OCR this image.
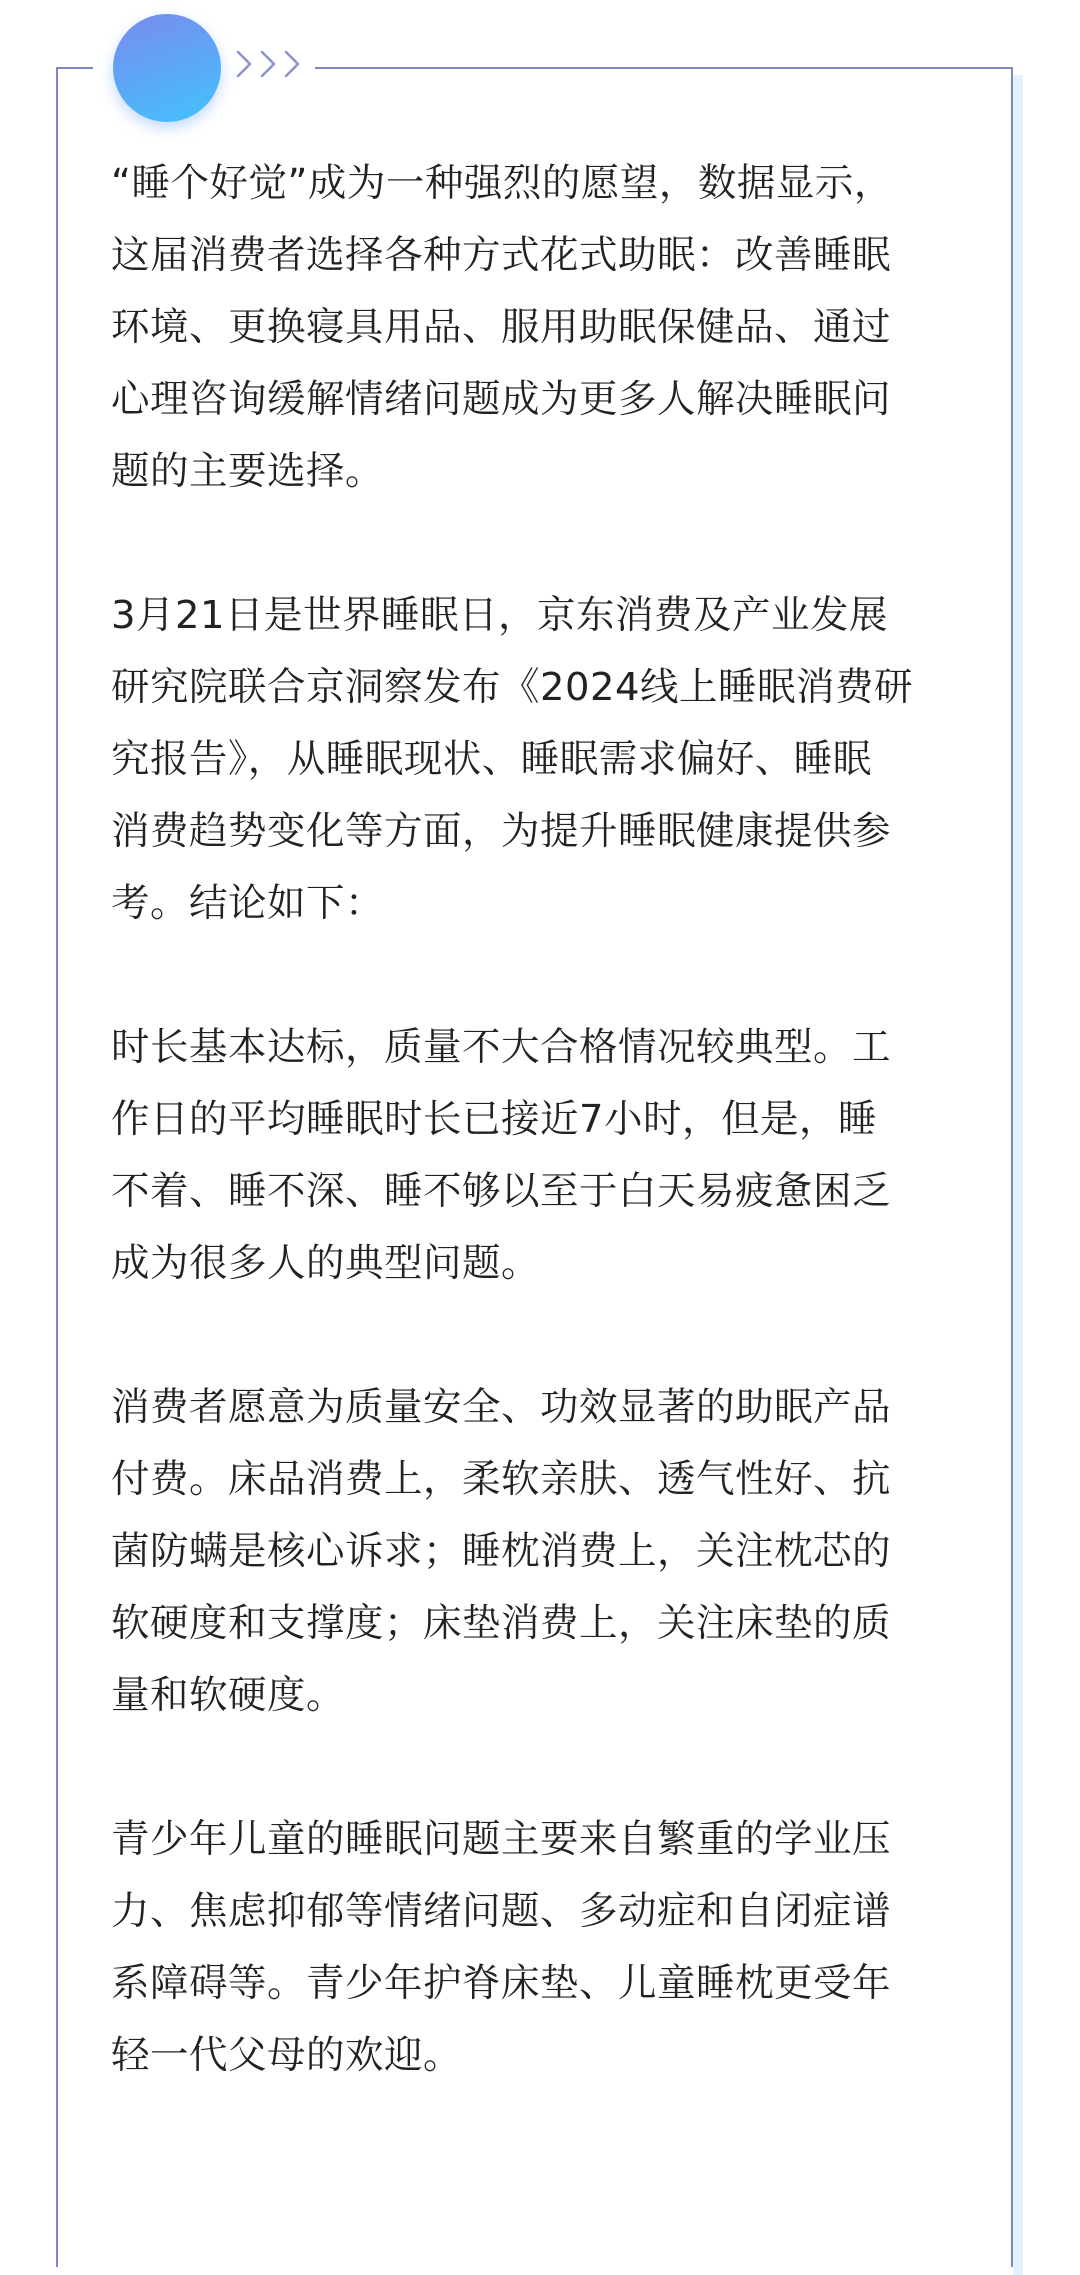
“睡个好觉”成为一种强烈的愿望，数据显示，
这届消费者选择各种方式花式助眠：改善睡眠
环境、更换寝具用品、服用助眠保健品、通过
心理咨询缓解情绪问题成为更多人解决睡眠问
题的主要选择。

3月21日是世界睡眠日，京东消费及产业发展
研究院联合京洞察发布《2024线上睡眠消费研
究报告》，从睡眠现状、睡眠需求偏好、睡眠
消费趋势变化等方面，为提升睡眠健康提供参
考。结论如下：

时长基本达标，质量不大合格情况较典型。工
作日的平均睡眠时长已接近7小时，但是，睡
不着、睡不深、睡不够以至于白天易疲惫困乏
成为很多人的典型问题。

消费者愿意为质量安全、功效显著的助眠产品
付费。床品消费上，柔软亲肤、透气性好、抗
菌防螨是核心诉求；睡枕消费上，关注枕芯的
软硬度和支撑度；床垫消费上，关注床垫的质
量和软硬度。

青少年儿童的睡眠问题主要来自繁重的学业压
力、焦虑抑郁等情绪问题、多动症和自闭症谱
系障碍等。青少年护脊床垫、儿童睡枕更受年
轻一代父母的欢迎。
